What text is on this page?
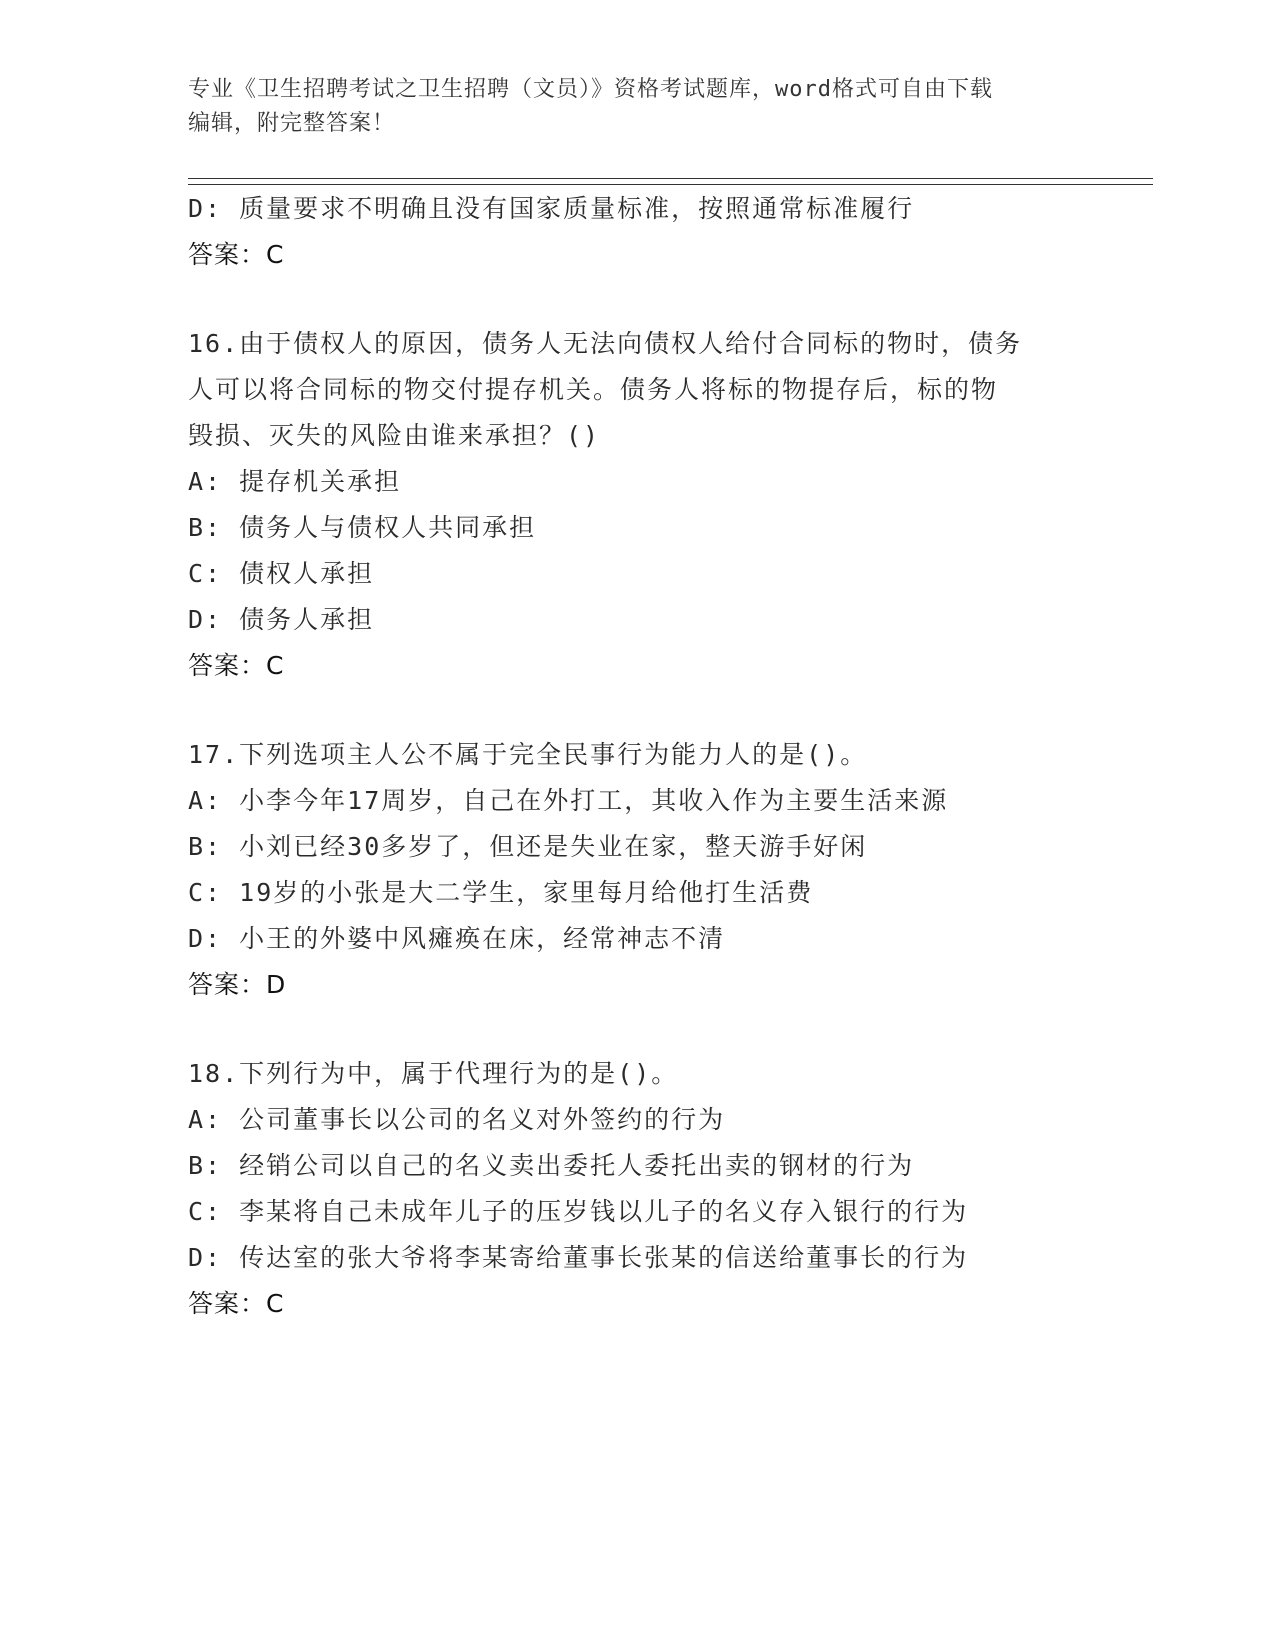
专业《卫生招聘考试之卫生招聘（文员）》资格考试题库，word格式可自由下载
编辑，附完整答案！
D: 质量要求不明确且没有国家质量标准，按照通常标准履行
答案：C
16.由于债权人的原因，债务人无法向债权人给付合同标的物时，债务
人可以将合同标的物交付提存机关。债务人将标的物提存后，标的物
毁损、灭失的风险由谁来承担？()
A: 提存机关承担
B: 债务人与债权人共同承担
C: 债权人承担
D: 债务人承担
答案：C
17.下列选项主人公不属于完全民事行为能力人的是()。
A: 小李今年17周岁，自己在外打工，其收入作为主要生活来源
B: 小刘已经30多岁了，但还是失业在家，整天游手好闲
C: 19岁的小张是大二学生，家里每月给他打生活费
D: 小王的外婆中风瘫痪在床，经常神志不清
答案：D
18.下列行为中，属于代理行为的是()。
A: 公司董事长以公司的名义对外签约的行为
B: 经销公司以自己的名义卖出委托人委托出卖的钢材的行为
C: 李某将自己未成年儿子的压岁钱以儿子的名义存入银行的行为
D: 传达室的张大爷将李某寄给董事长张某的信送给董事长的行为
答案：C
